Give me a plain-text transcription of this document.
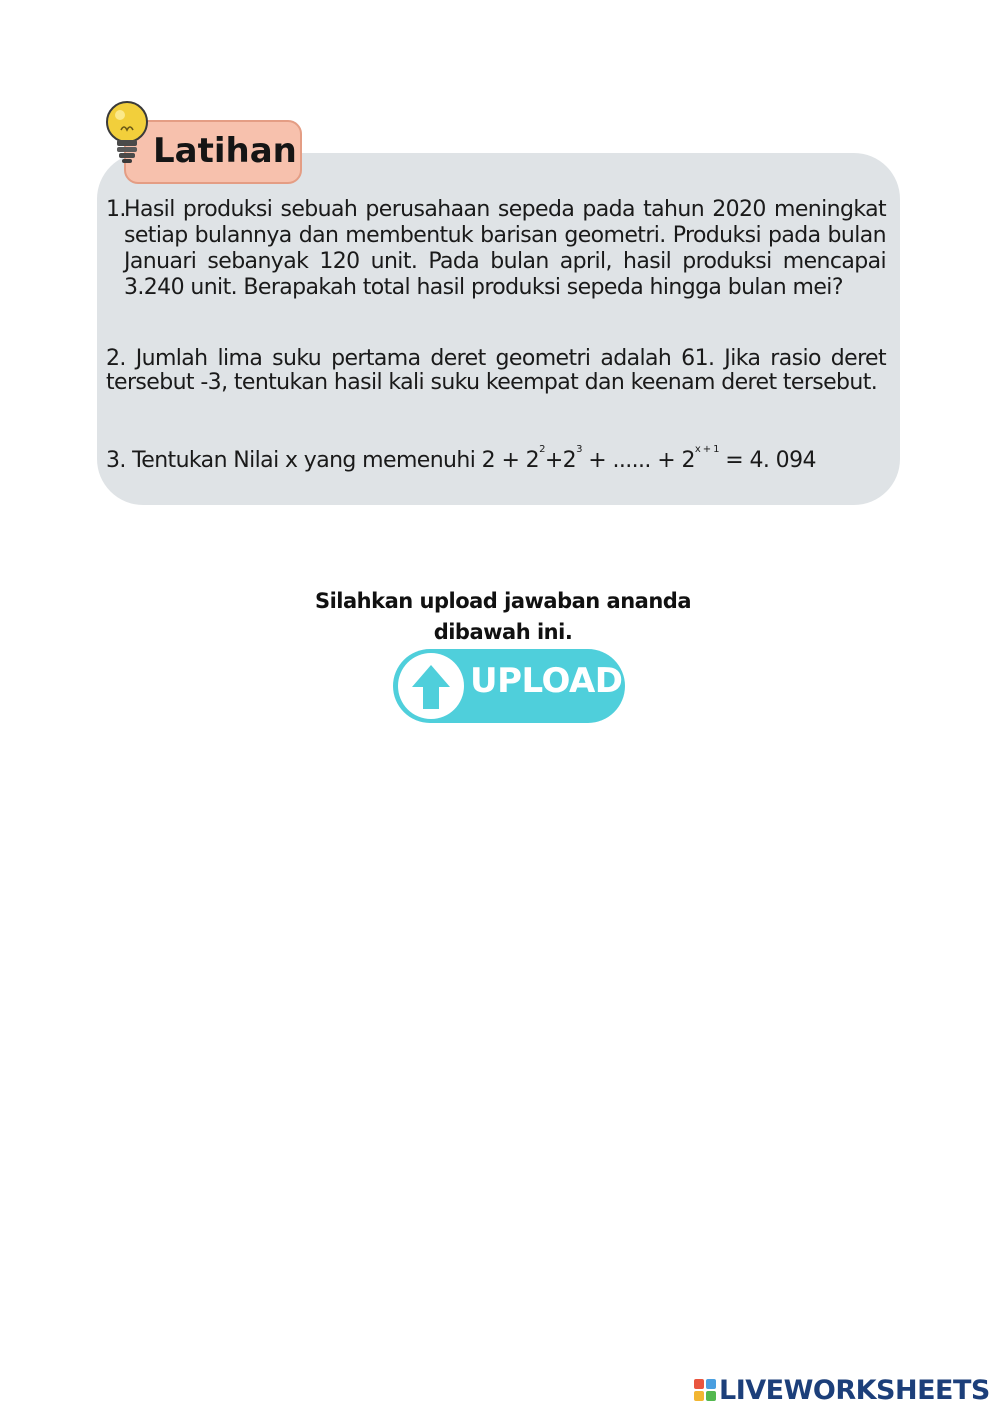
Latihan
1.
Hasil produksi sebuah perusahaan sepeda pada tahun 2020 meningkat setiap bulannya dan membentuk barisan geometri. Produksi pada bulan Januari sebanyak 120 unit. Pada bulan april, hasil produksi mencapai 3.240 unit. Berapakah total hasil produksi sepeda hingga bulan mei?
2. Jumlah lima suku pertama deret geometri adalah 61. Jika rasio deret tersebut -3, tentukan hasil kali suku keempat dan keenam deret tersebut.
3. Tentukan Nilai x yang memenuhi $2 + 2^2+2^3$ + ...... + $2^{x + 1} = 4$. 094
Silahkan upload jawaban ananda
dibawah ini.
UPLOAD
LIVEWORKSHEETS
